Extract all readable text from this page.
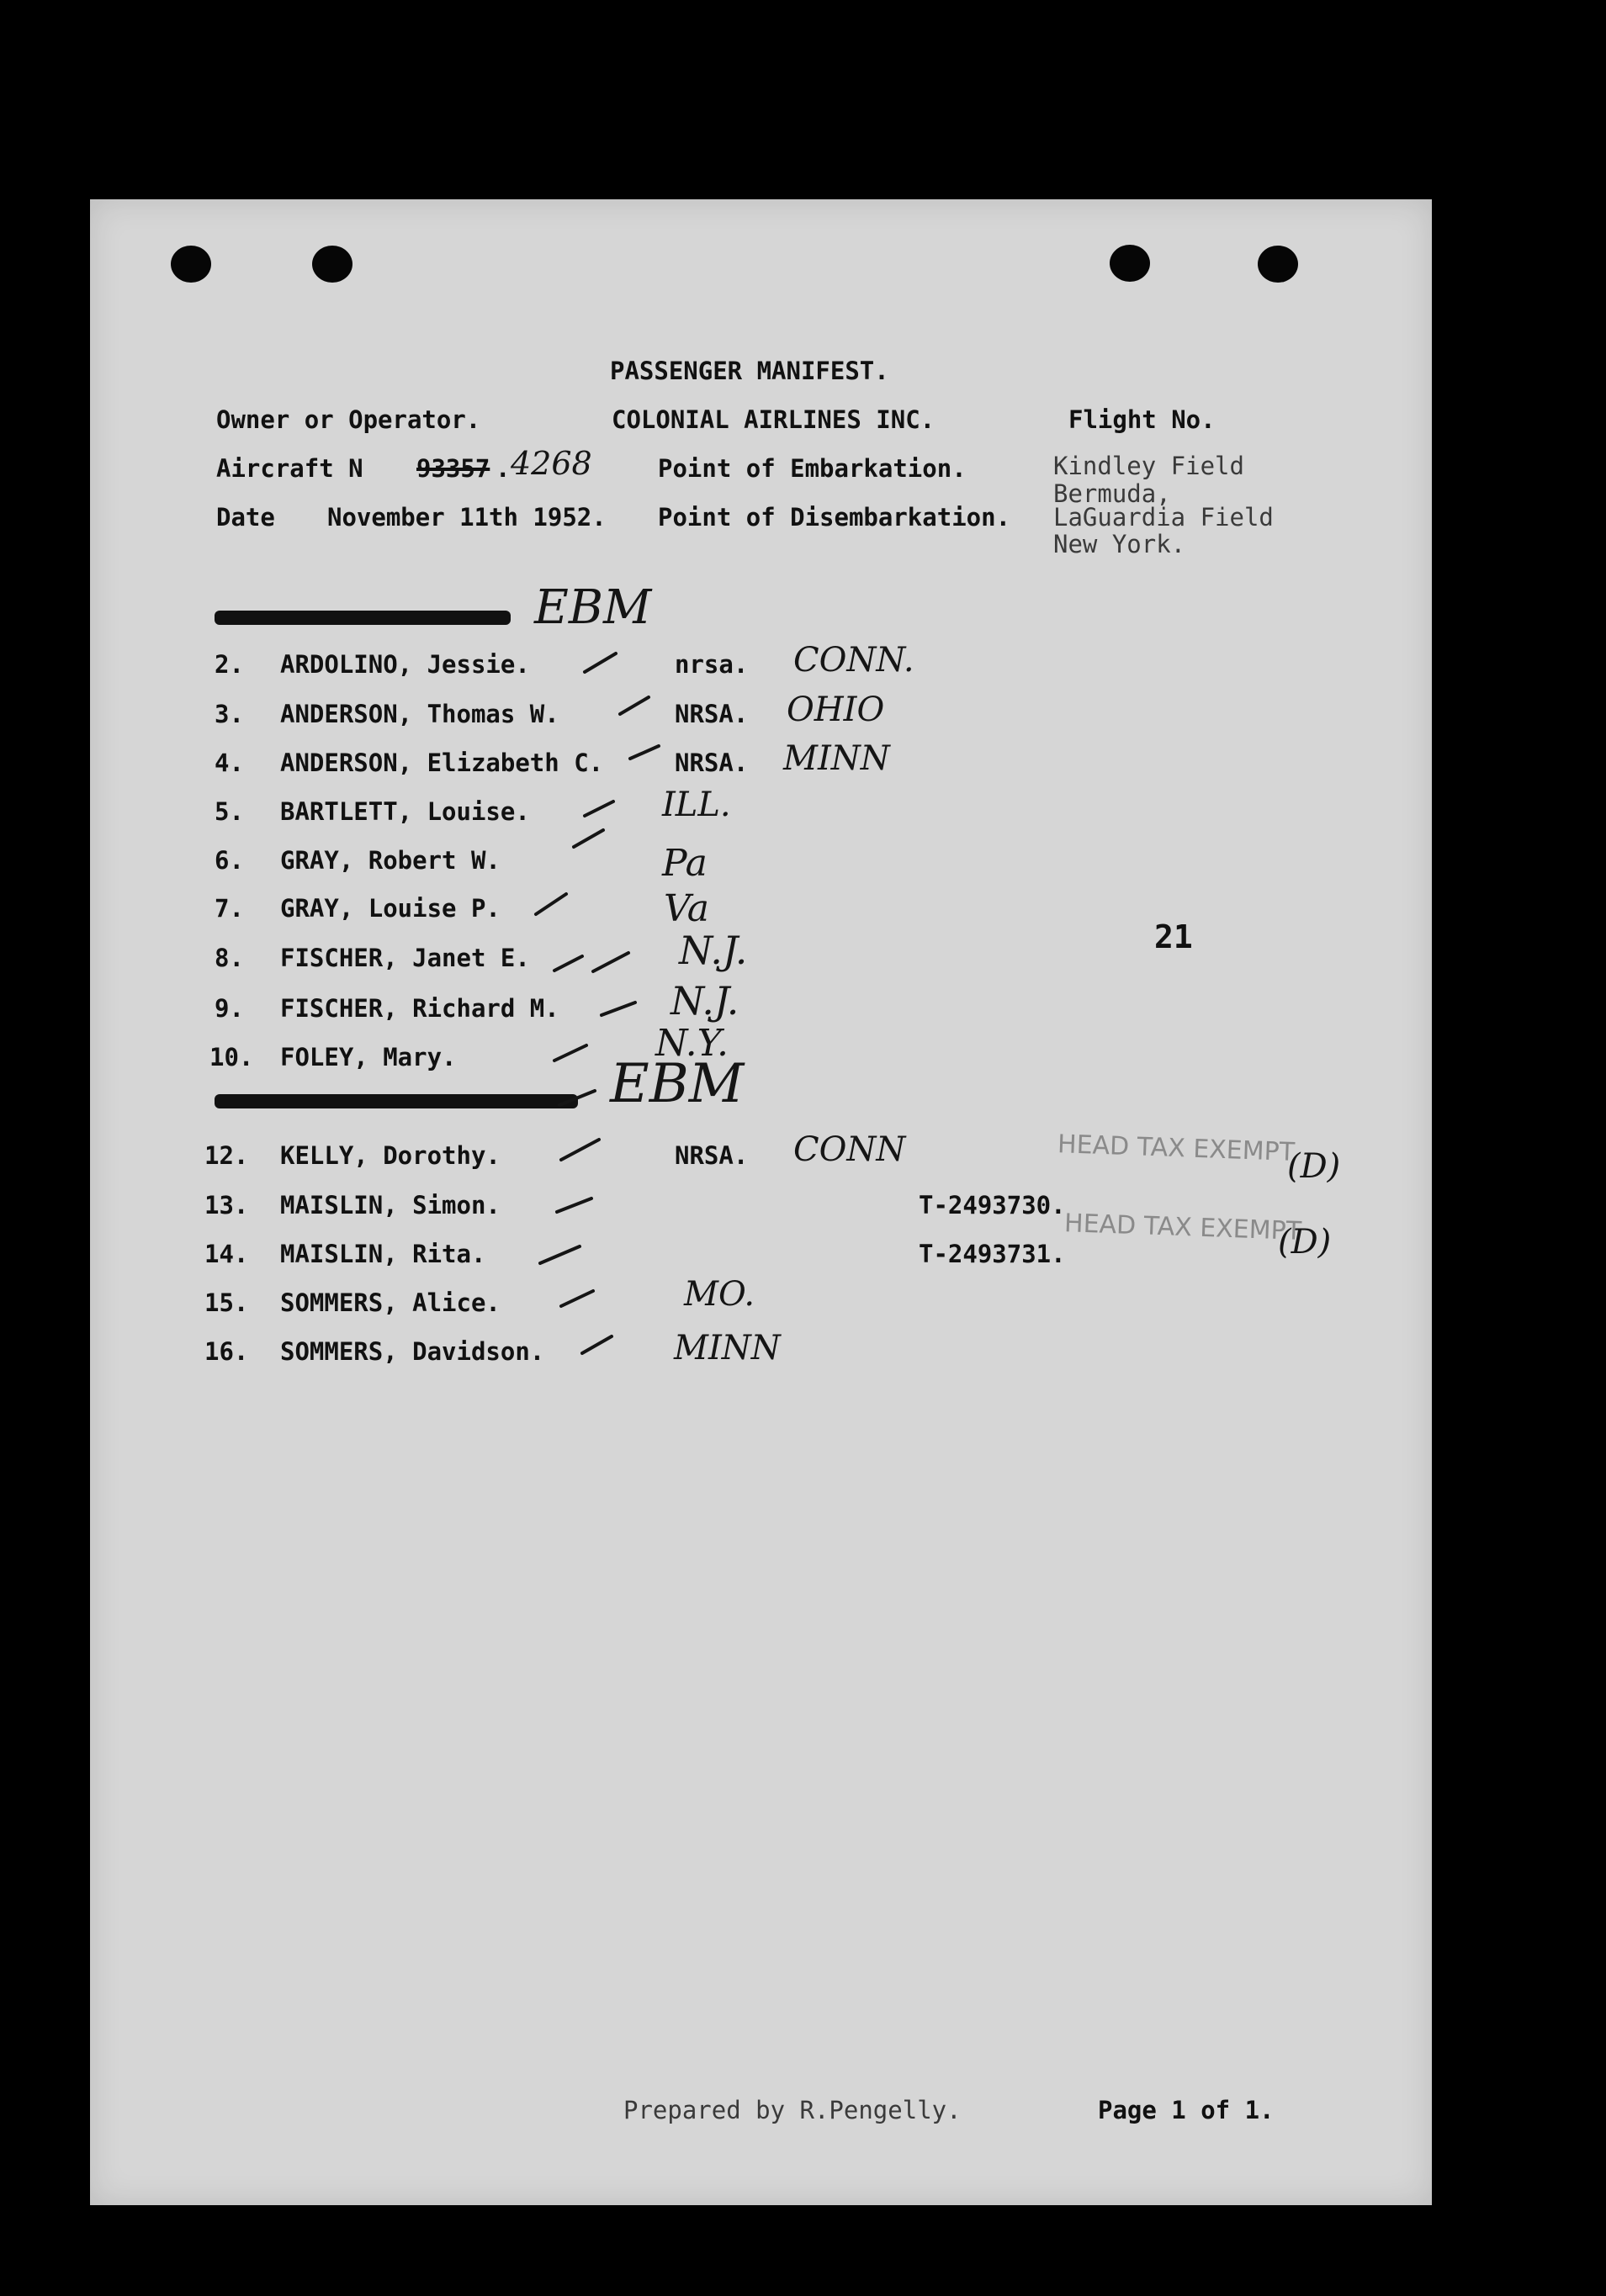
PASSENGER MANIFEST.
Owner or Operator.	COLONIAL AIRLINES INC.	Flight No.
Aircraft N 93357 . 4268	Point of Embarkation.	Kindley Field
Bermuda,
Date November 11th 1952. Point of Disembarkation. LaGuardia Field
New York.
EBM
EBM
2. ARDOLINO, Jessie.	nrsa. CONN.
3. ANDERSON, Thomas W.	NRSA. OHIO
4. ANDERSON, Elizabeth C.	NRSA. MINN
5. BARTLETT, Louise.	ILL.
6. GRAY, Robert W.	Pa
7. GRAY, Louise P.	Va
8. FISCHER, Janet E.	N.J.
9. FISCHER, Richard M.	N.J.
10. FOLEY, Mary.	N.Y.
12. KELLY, Dorothy.	NRSA. CONN
13. MAISLIN, Simon.	T-2493730.
14. MAISLIN, Rita.	T-2493731.
15. SOMMERS, Alice.	MO.
16. SOMMERS, Davidson.	MINN
21
HEAD TAX EXEMPT
(D)
HEAD TAX EXEMPT
(D)
Prepared by R.Pengelly.	Page 1 of 1.
